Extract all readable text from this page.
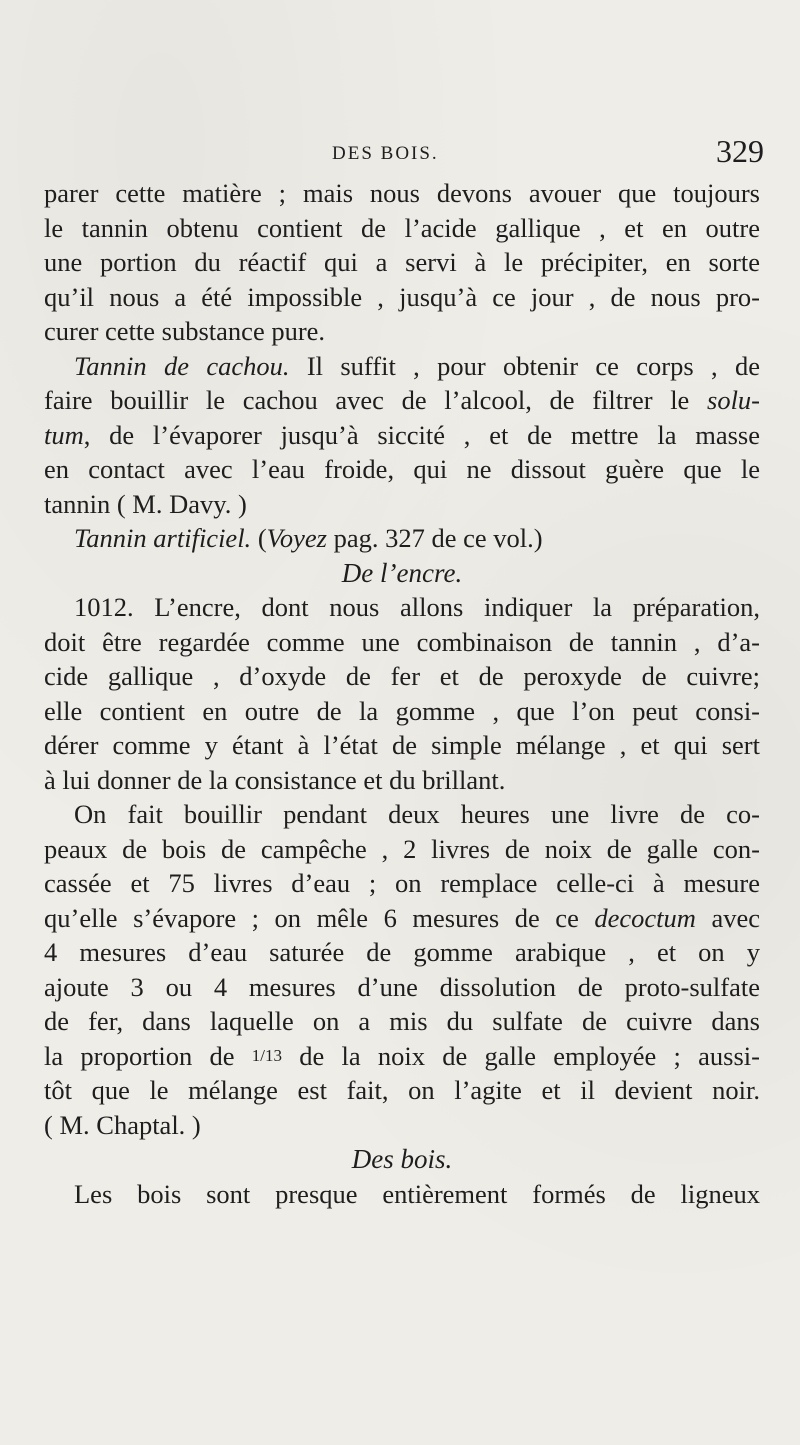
DES BOIS.	329

parer cette matière ; mais nous devons avouer que toujours

le tannin obtenu contient de l’acide gallique , et en outre

une portion du réactif qui a servi à le précipiter, en sorte

qu’il nous a été impossible , jusqu’à ce jour , de nous pro-

curer cette substance pure.

Tannin de cachou. Il suffit , pour obtenir ce corps , de

faire bouillir le cachou avec de l’alcool, de filtrer le solu-

tum, de l’évaporer jusqu’à siccité , et de mettre la masse

en contact avec l’eau froide, qui ne dissout guère que le

tannin ( M. Davy. )

Tannin artificiel. (Voyez pag. 327 de ce vol.)

De l’encre.

1012. L’encre, dont nous allons indiquer la préparation,

doit être regardée comme une combinaison de tannin , d’a-

cide gallique , d’oxyde de fer et de peroxyde de cuivre;

elle contient en outre de la gomme , que l’on peut consi-

dérer comme y étant à l’état de simple mélange , et qui sert

à lui donner de la consistance et du brillant.

On fait bouillir pendant deux heures une livre de co-

peaux de bois de campêche , 2 livres de noix de galle con-

cassée et 75 livres d’eau ; on remplace celle-ci à mesure

qu’elle s’évapore ; on mêle 6 mesures de ce decoctum avec

4 mesures d’eau saturée de gomme arabique , et on y

ajoute 3 ou 4 mesures d’une dissolution de proto-sulfate

de fer, dans laquelle on a mis du sulfate de cuivre dans

la proportion de 1/13 de la noix de galle employée ; aussi-

tôt que le mélange est fait, on l’agite et il devient noir.

( M. Chaptal. )

Des bois.

Les bois sont presque entièrement formés de ligneux
